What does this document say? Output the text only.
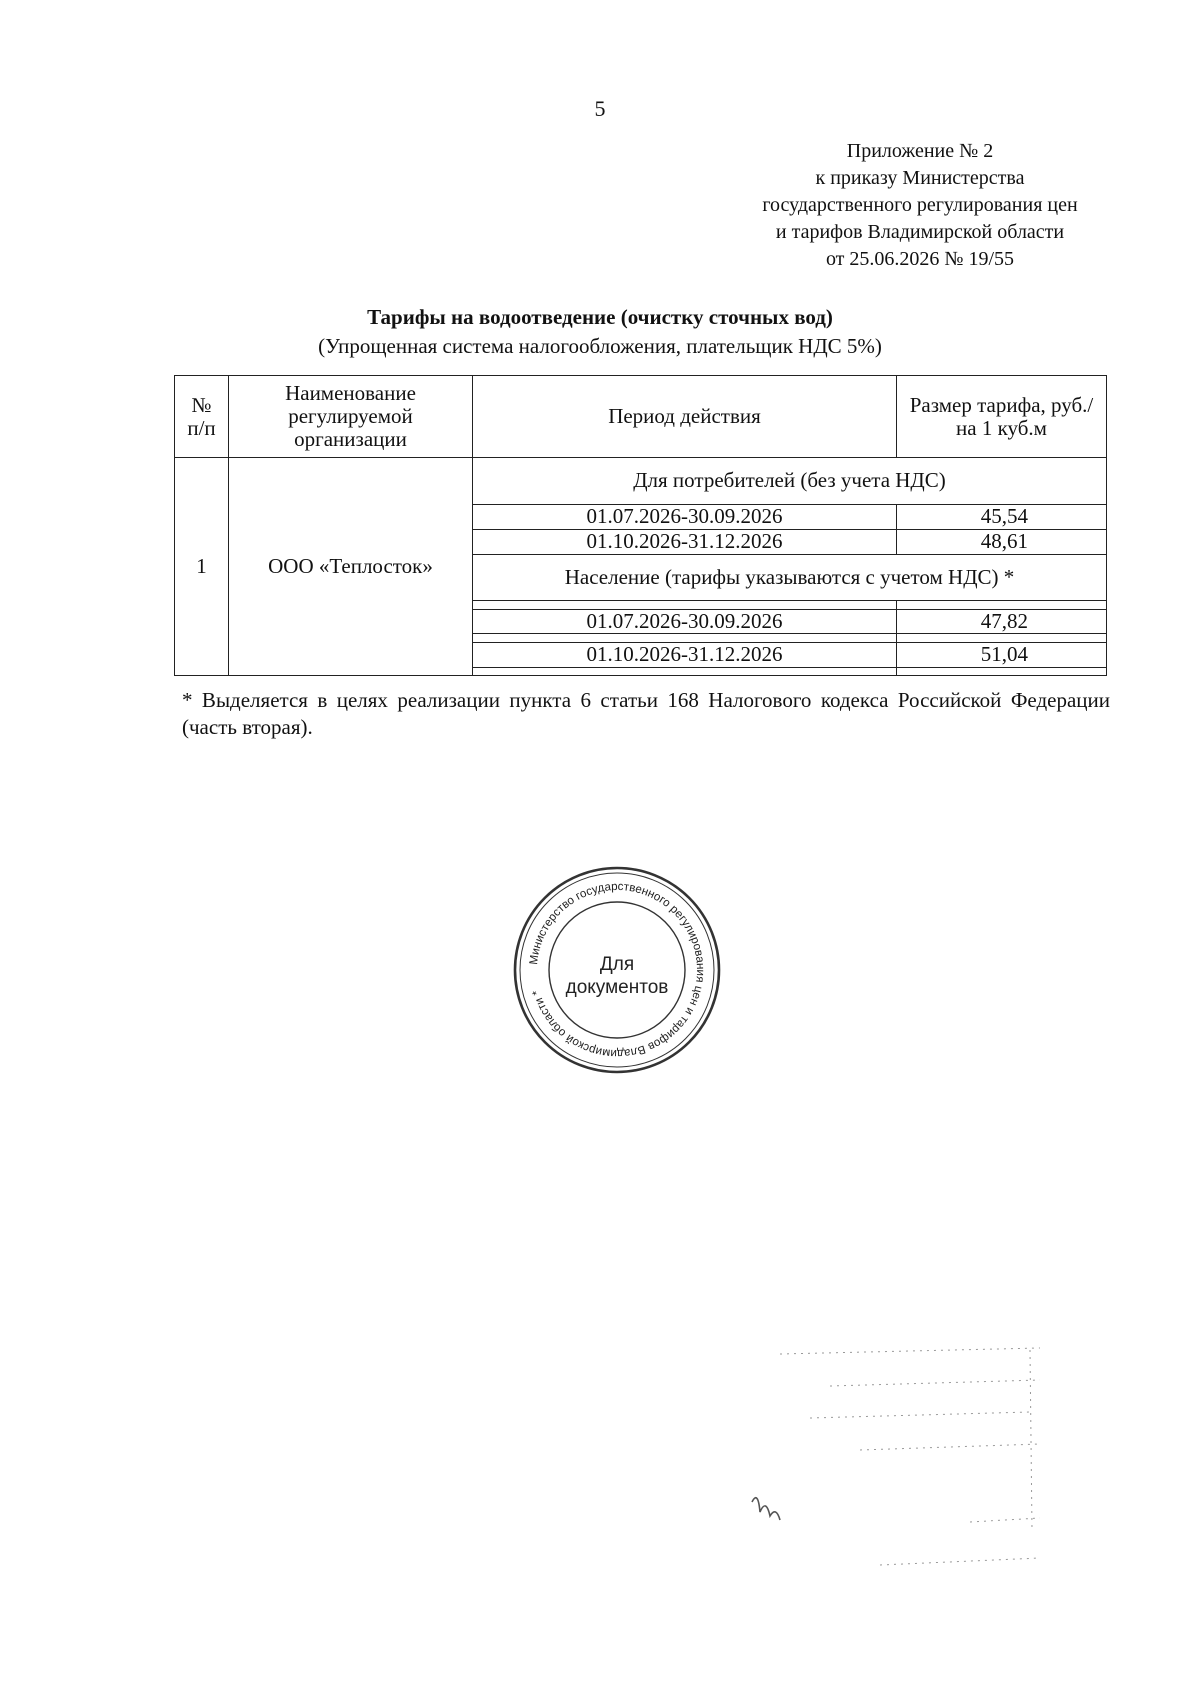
5
Приложение № 2
к приказу Министерства
государственного регулирования цен
и тарифов Владимирской области
от 25.06.2026 № 19/55
Тарифы на водоотведение (очистку сточных вод)
(Упрощенная система налогообложения, плательщик НДС 5%)
№ п/п	Наименование регулируемой организации	Период действия	Размер тарифа, руб./на 1 куб.м
1	ООО «Теплосток»	Для потребителей (без учета НДС)	
		01.07.2026-30.09.2026	45,54
		01.10.2026-31.12.2026	48,61
		Население (тарифы указываются с учетом НДС) *	

		01.07.2026-30.09.2026	47,82

		01.10.2026-31.12.2026	51,04

* Выделяется в целях реализации пункта 6 статьи 168 Налогового кодекса Российской Федерации (часть вторая).
Министерство государственного регулирования цен и тарифов Владимирской области *
Для
документов
